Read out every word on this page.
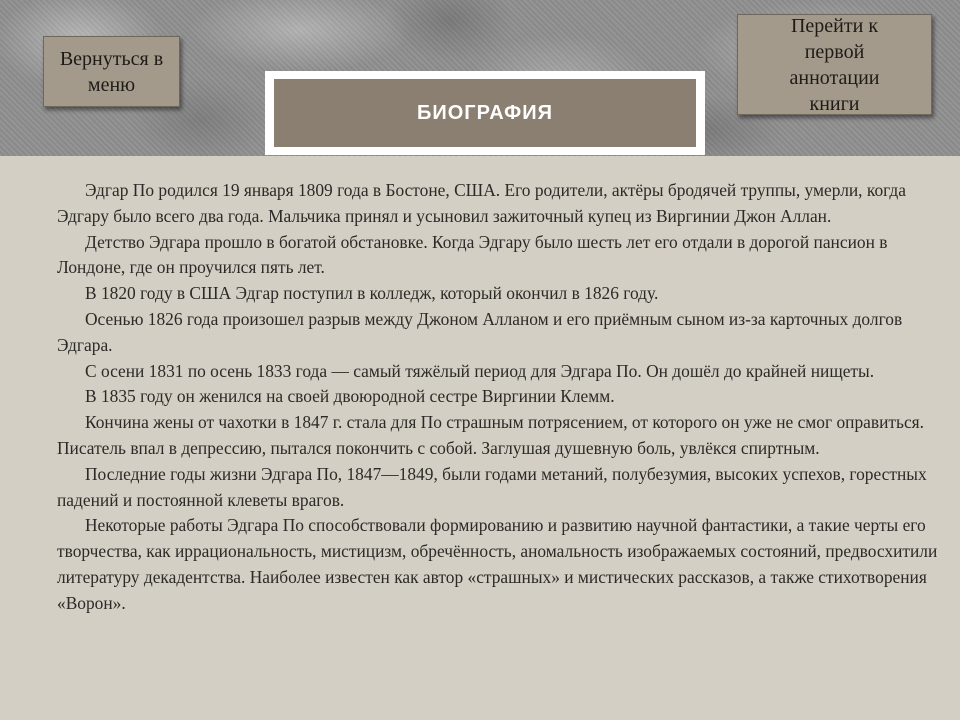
Вернуться в меню
Перейти к первой аннотации книги
БИОГРАФИЯ

Эдгар По родился 19 января 1809 года в Бостоне, США. Его родители, актёры бродячей труппы, умерли, когда Эдгару было всего два года. Мальчика принял и усыновил зажиточный купец из Виргинии Джон Аллан.

Детство Эдгара прошло в богатой обстановке. Когда Эдгару было шесть лет его отдали в дорогой пансион в Лондоне, где он проучился пять лет.

В 1820 году в США Эдгар поступил в колледж, который окончил в 1826 году.

Осенью 1826 года произошел разрыв между Джоном Алланом и его приёмным сыном из-за карточных долгов Эдгара.

С осени 1831 по осень 1833 года — самый тяжёлый период для Эдгара По. Он дошёл до крайней нищеты.

В 1835 году он женился на своей двоюродной сестре Виргинии Клемм.

Кончина жены от чахотки в 1847 г. стала для По страшным потрясением, от которого он уже не смог оправиться. Писатель впал в депрессию, пытался покончить с собой. Заглушая душевную боль, увлёкся спиртным.

Последние годы жизни Эдгара По, 1847—1849, были годами метаний, полубезумия, высоких успехов, горестных падений и постоянной клеветы врагов.

Некоторые работы Эдгара По способствовали формированию и развитию научной фантастики, а такие черты его творчества, как иррациональность, мистицизм, обречённость, аномальность изображаемых состояний, предвосхитили литературу декадентства. Наиболее известен как автор «страшных» и мистических рассказов, а также стихотворения «Ворон».
